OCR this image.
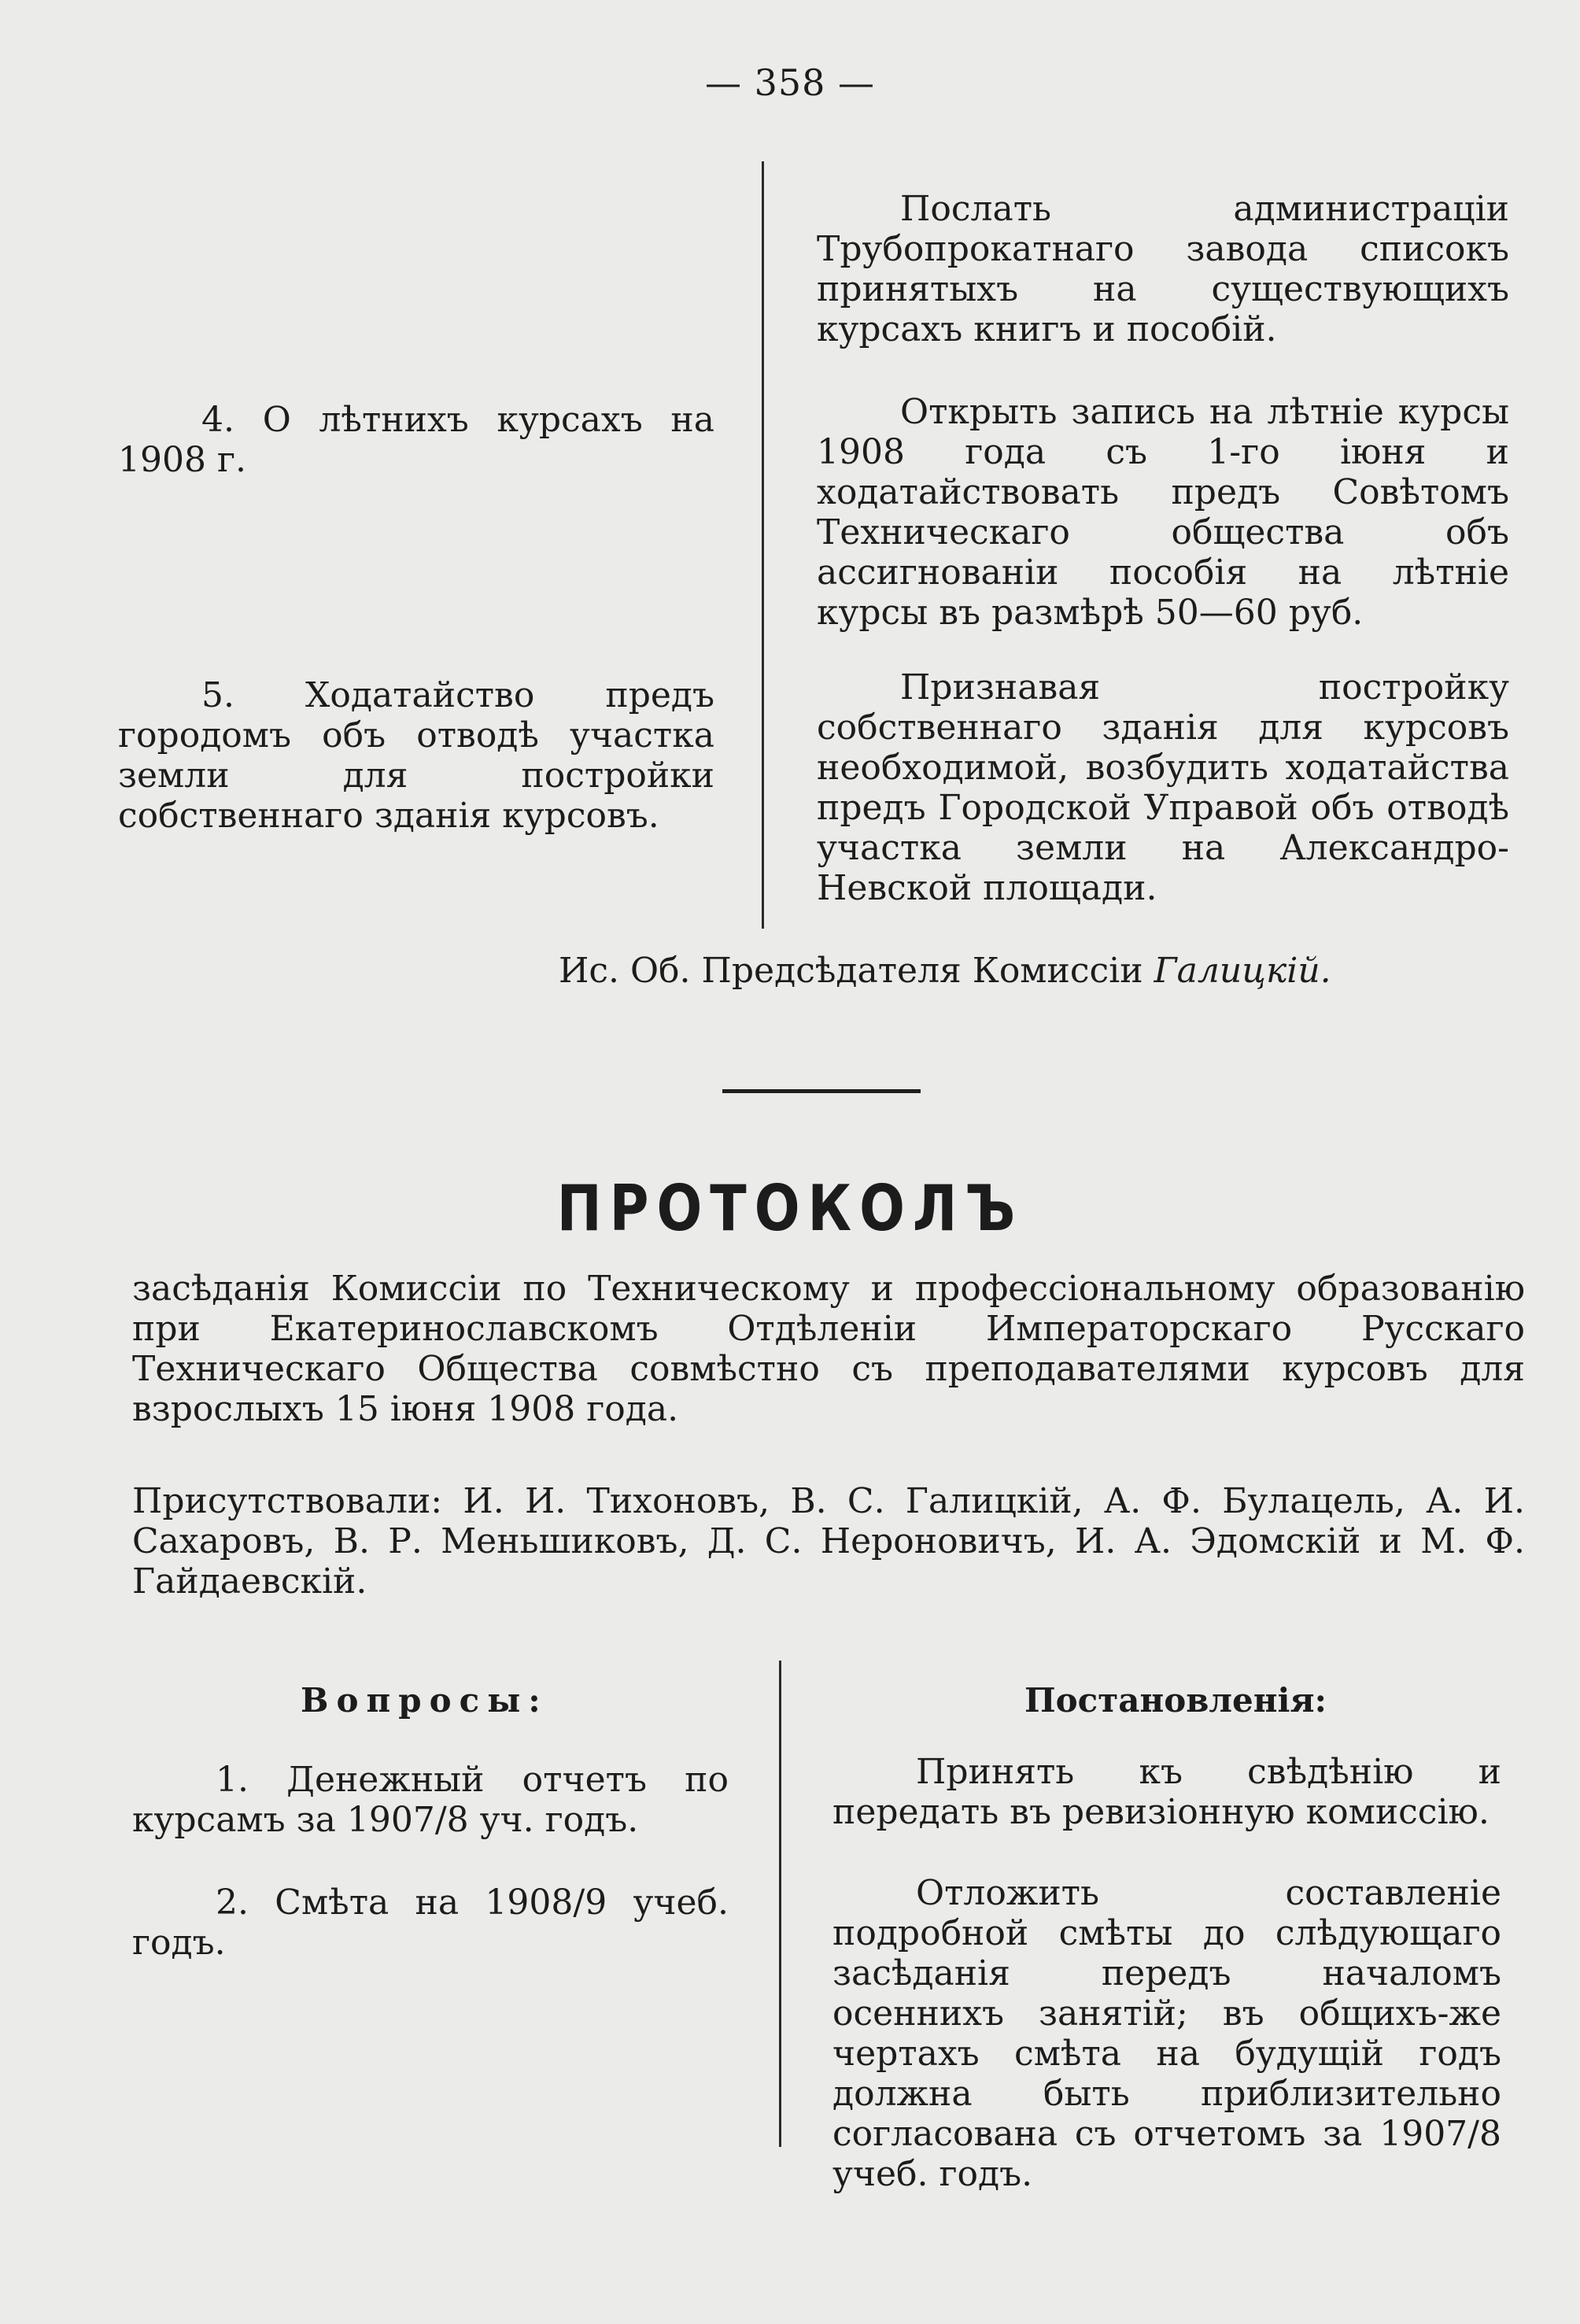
— 358 —
Послать администраціи Трубопрокатнаго завода списокъ принятыхъ на существующихъ курсахъ книгъ и пособій.
4. О лѣтнихъ курсахъ на 1908 г.
Открыть запись на лѣтніе курсы 1908 года съ 1-го іюня и ходатайствовать предъ Совѣтомъ Техническаго общества объ ассигнованіи пособія на лѣтніе курсы въ размѣрѣ 50—60 руб.
5. Ходатайство предъ городомъ объ отводѣ участка земли для постройки собственнаго зданія курсовъ.
Признавая постройку собственнаго зданія для курсовъ необходимой, возбудить ходатайства предъ Городской Управой объ отводѣ участка земли на Александро-Невской площади.
Ис. Об. Предсѣдателя Комиссіи Галицкій.
ПРОТОКОЛЪ
засѣданія Комиссіи по Техническому и профессіональному образованію при Екатеринославскомъ Отдѣленіи Императорскаго Русскаго Техническаго Общества совмѣстно съ преподавателями курсовъ для взрослыхъ 15 іюня 1908 года.
Присутствовали: И. И. Тихоновъ, В. С. Галицкій, А. Ф. Булацель, А. И. Сахаровъ, В. Р. Меньшиковъ, Д. С. Нероновичъ, И. А. Эдомскій и М. Ф. Гайдаевскій.
Вопросы:	Постановленія:
1. Денежный отчетъ по курсамъ за 1907/8 уч. годъ.
Принять къ свѣдѣнію и передать въ ревизіонную комиссію.
2. Смѣта на 1908/9 учеб. годъ.
Отложить составленіе подробной смѣты до слѣдующаго засѣданія передъ началомъ осеннихъ занятій; въ общихъ-же чертахъ смѣта на будущій годъ должна быть приблизительно согласована съ отчетомъ за 1907/8 учеб. годъ.
